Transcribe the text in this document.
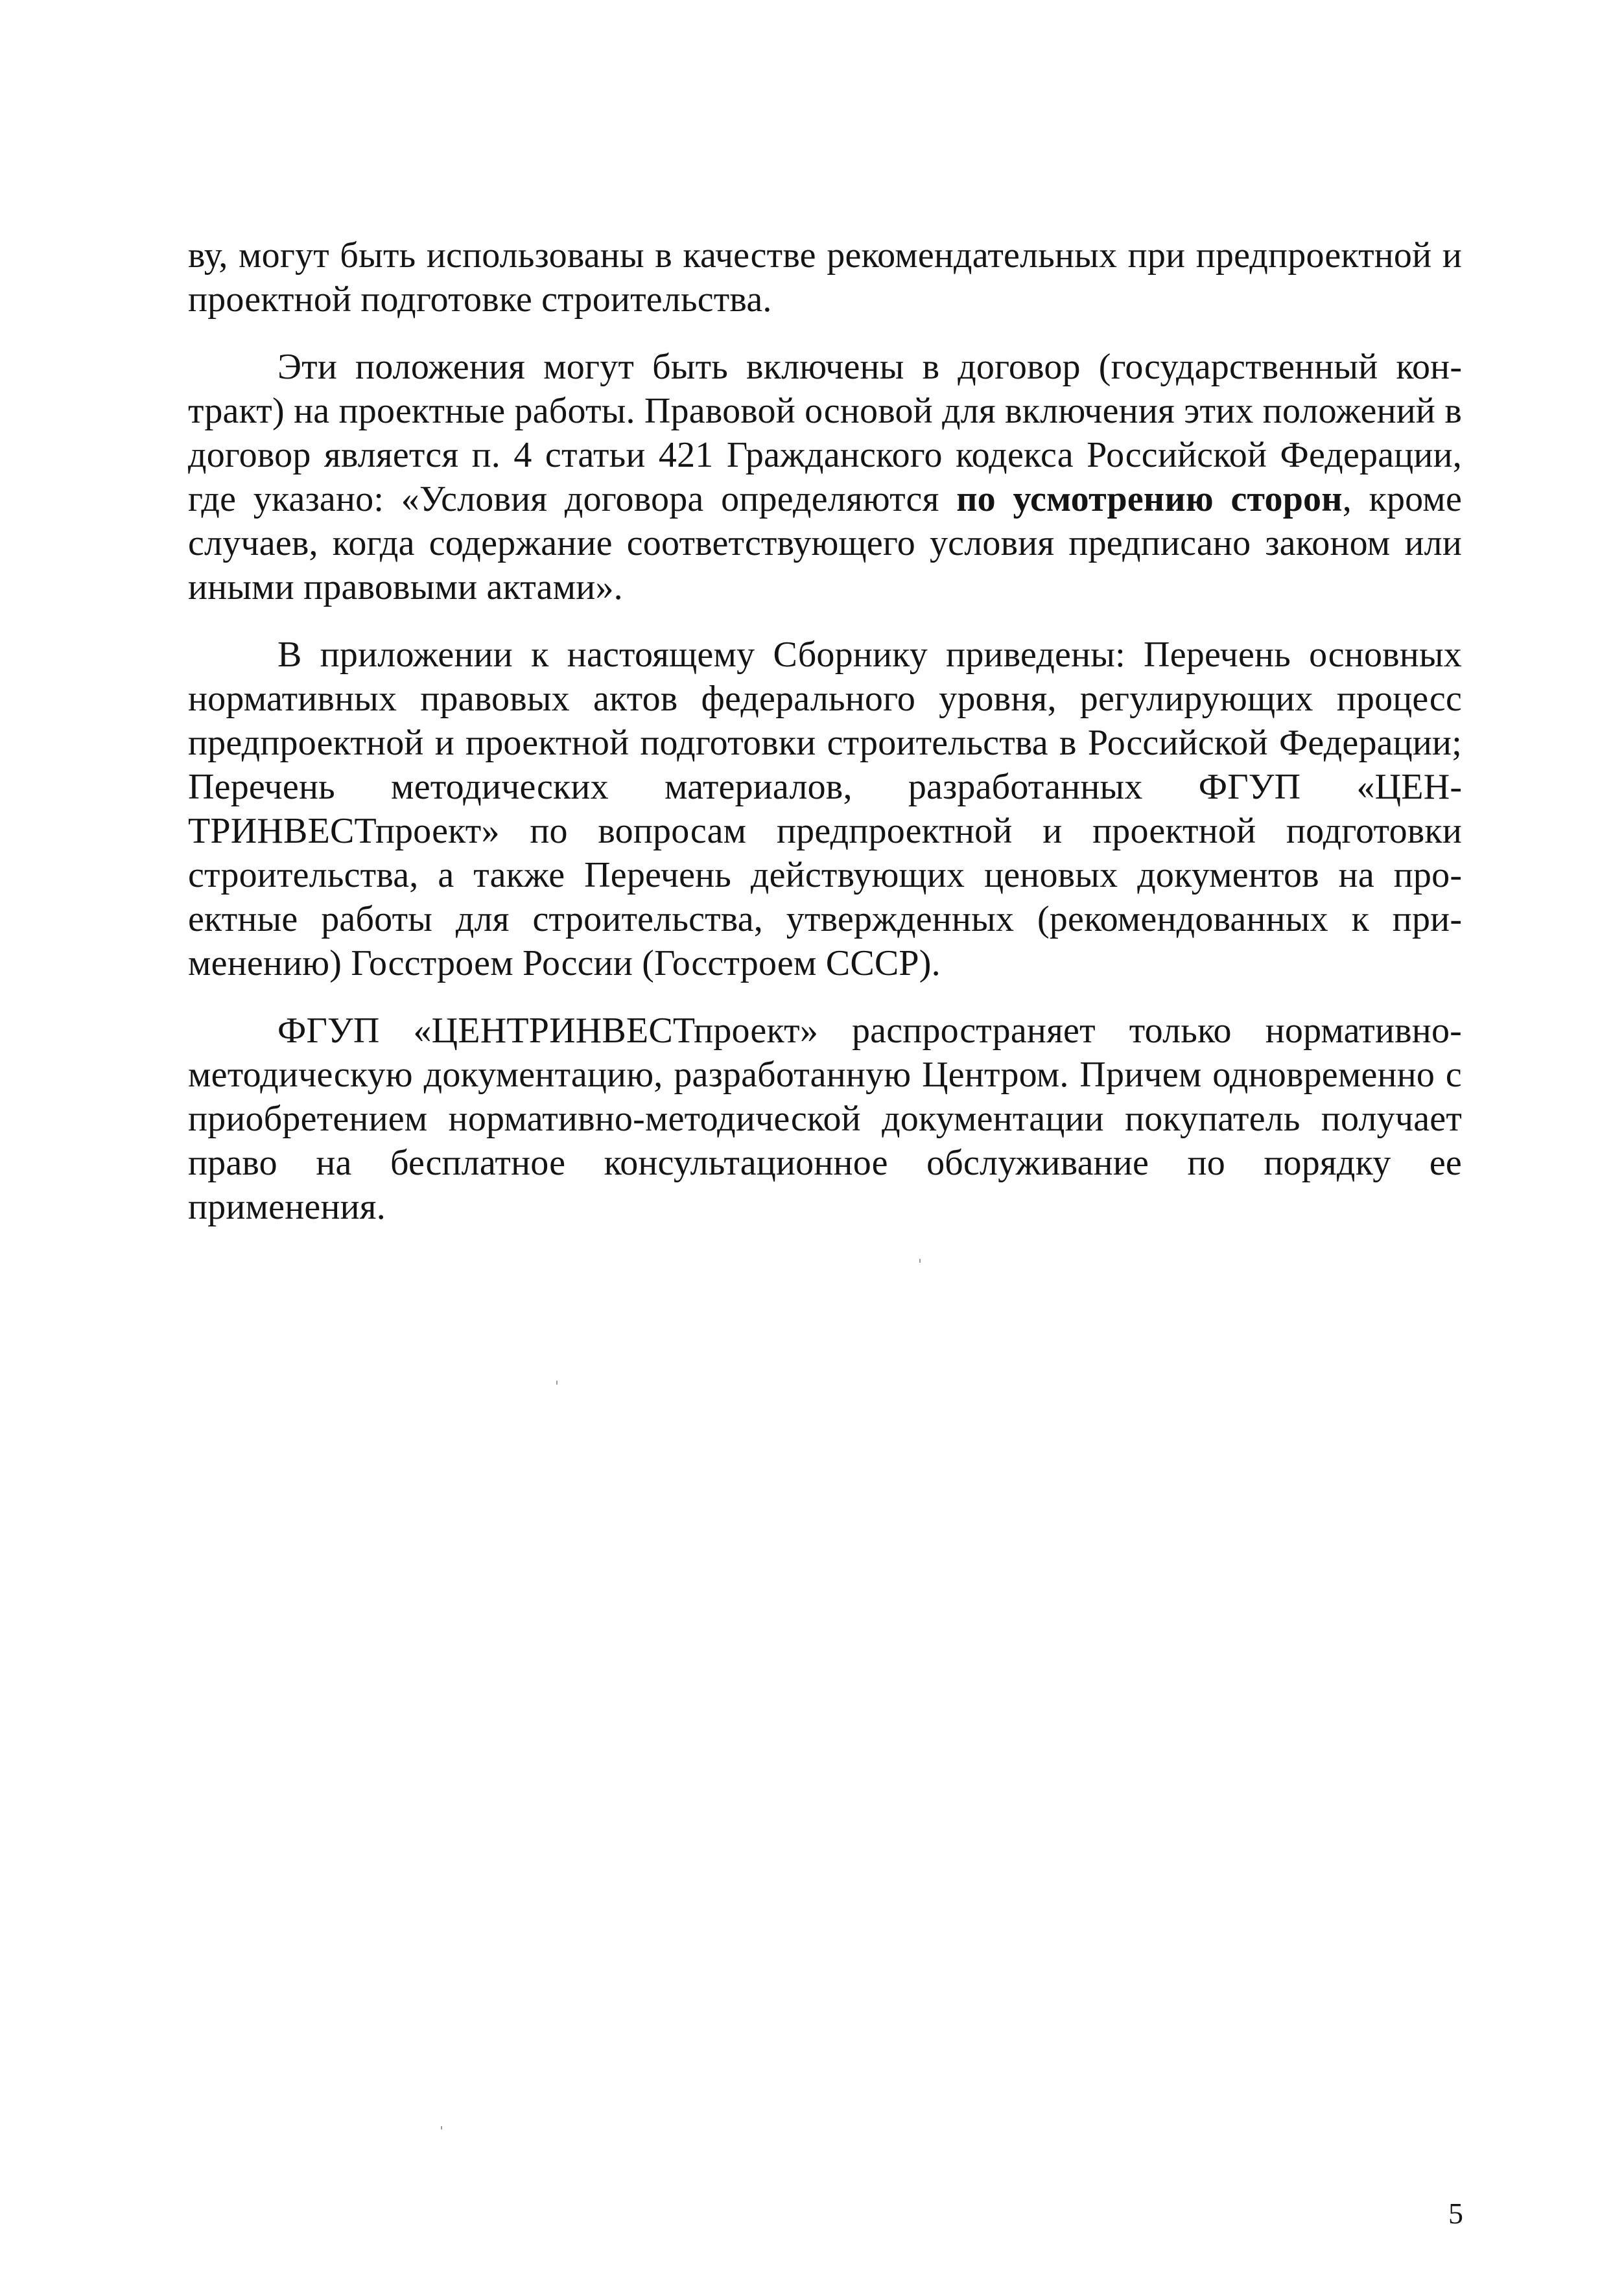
ву, могут быть использованы в качестве рекомендательных при предпроектной и проектной подготовке строительства.

Эти положения могут быть включены в договор (государственный контракт) на проектные работы. Правовой основой для включения этих положений в договор является п. 4 статьи 421 Гражданского кодекса Российской Федерации, где указано: «Условия договора определяются по усмотрению сторон, кроме случаев, когда содержание соответствующего условия предписано законом или иными правовыми актами».

В приложении к настоящему Сборнику приведены: Перечень основных нормативных правовых актов федерального уровня, регулирующих процесс предпроектной и проектной подготовки строительства в Российской Федерации; Перечень методических материалов, разработанных ФГУП «ЦЕНТРИНВЕСТпроект» по вопросам предпроектной и проектной подготовки строительства, а также Перечень действующих ценовых документов на проектные работы для строительства, утвержденных (рекомендованных к применению) Госстроем России (Госстроем СССР).

ФГУП «ЦЕНТРИНВЕСТпроект» распространяет только нормативно-методическую документацию, разработанную Центром. Причем одновременно с приобретением нормативно-методической документации покупатель получает право на бесплатное консультационное обслуживание по порядку ее применения.

5
